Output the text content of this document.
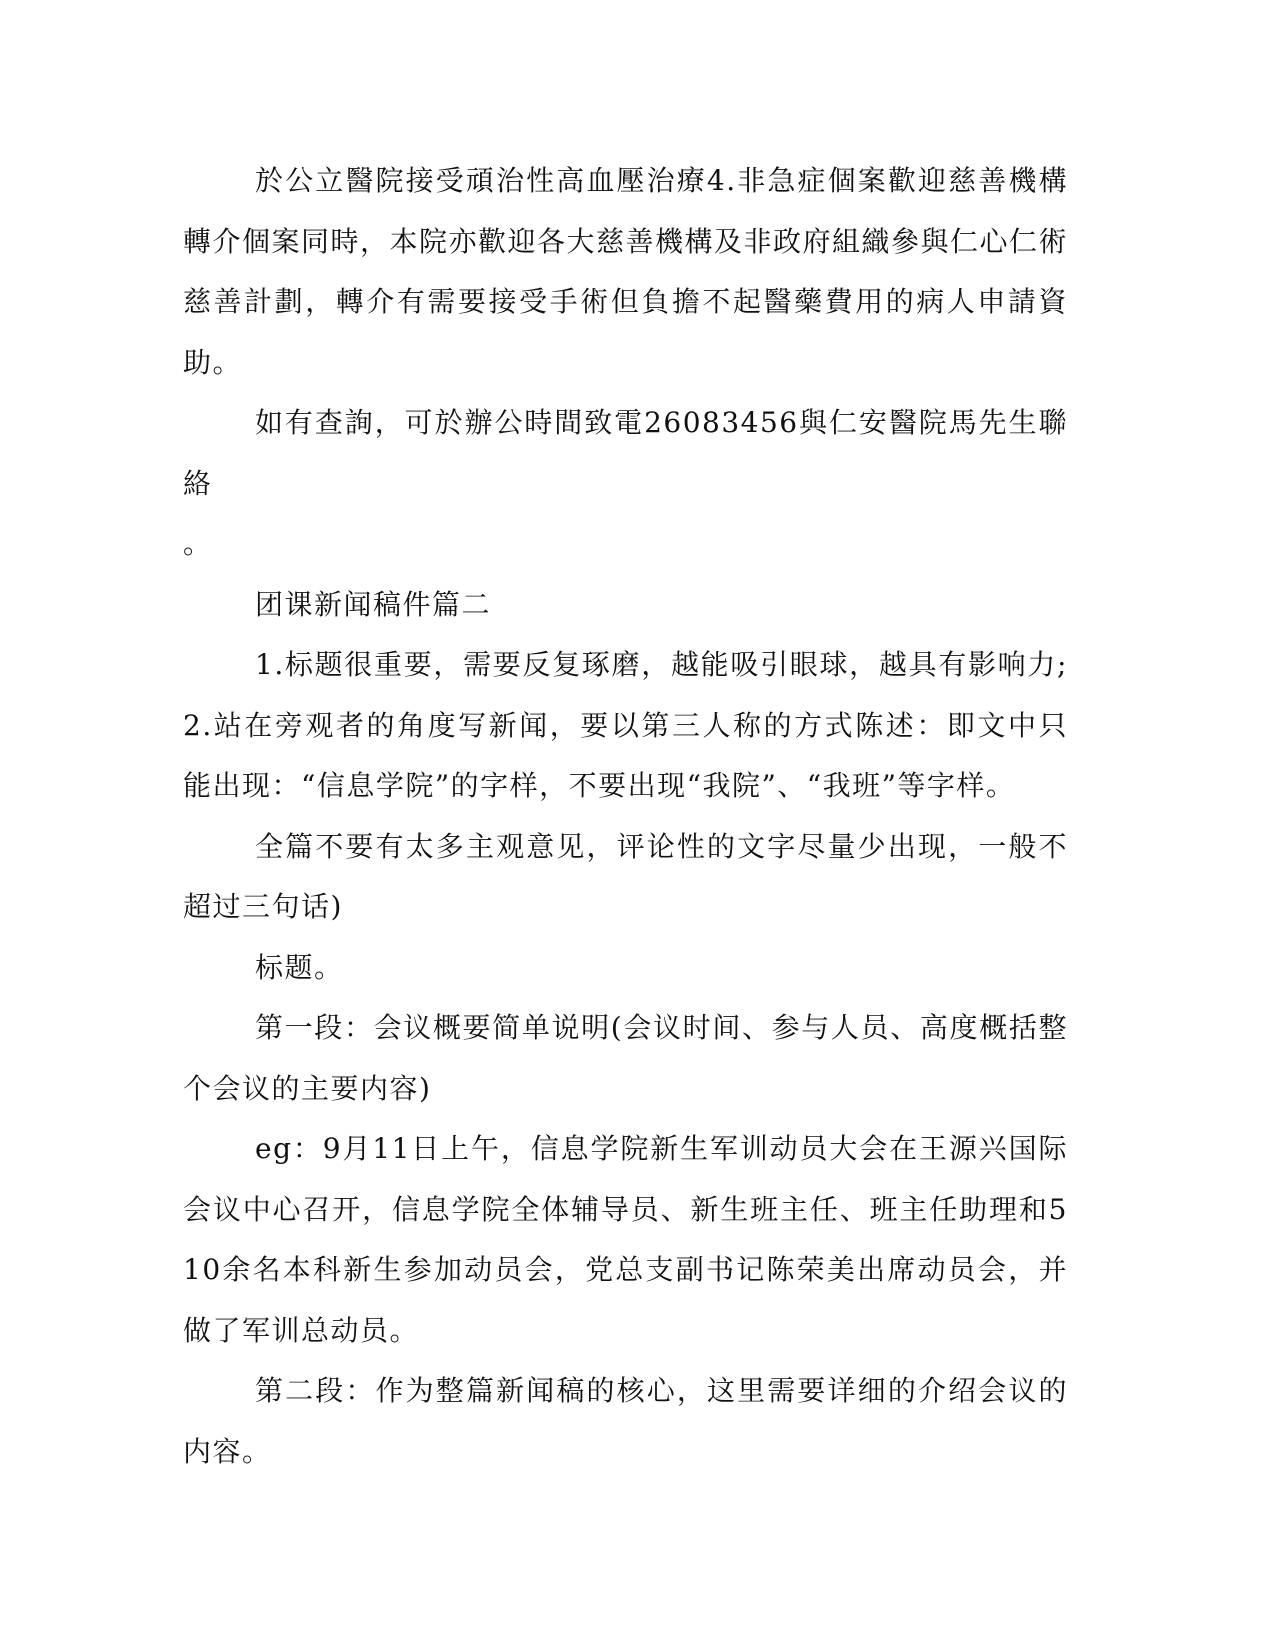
於公立醫院接受頑治性高血壓治療4.非急症個案歡迎慈善機構轉介個案同時，本院亦歡迎各大慈善機構及非政府組織參與仁心仁術慈善計劃，轉介有需要接受手術但負擔不起醫藥費用的病人申請資助。

如有查詢，可於辦公時間致電26083456與仁安醫院馬先生聯絡

。

团课新闻稿件篇二

1.标题很重要，需要反复琢磨，越能吸引眼球，越具有影响力;2.站在旁观者的角度写新闻，要以第三人称的方式陈述：即文中只能出现：“信息学院”的字样，不要出现“我院”、“我班”等字样。

全篇不要有太多主观意见，评论性的文字尽量少出现，一般不超过三句话)

标题。

第一段：会议概要简单说明(会议时间、参与人员、高度概括整个会议的主要内容)

eg：9月11日上午，信息学院新生军训动员大会在王源兴国际会议中心召开，信息学院全体辅导员、新生班主任、班主任助理和510余名本科新生参加动员会，党总支副书记陈荣美出席动员会，并做了军训总动员。

第二段：作为整篇新闻稿的核心，这里需要详细的介绍会议的内容。
